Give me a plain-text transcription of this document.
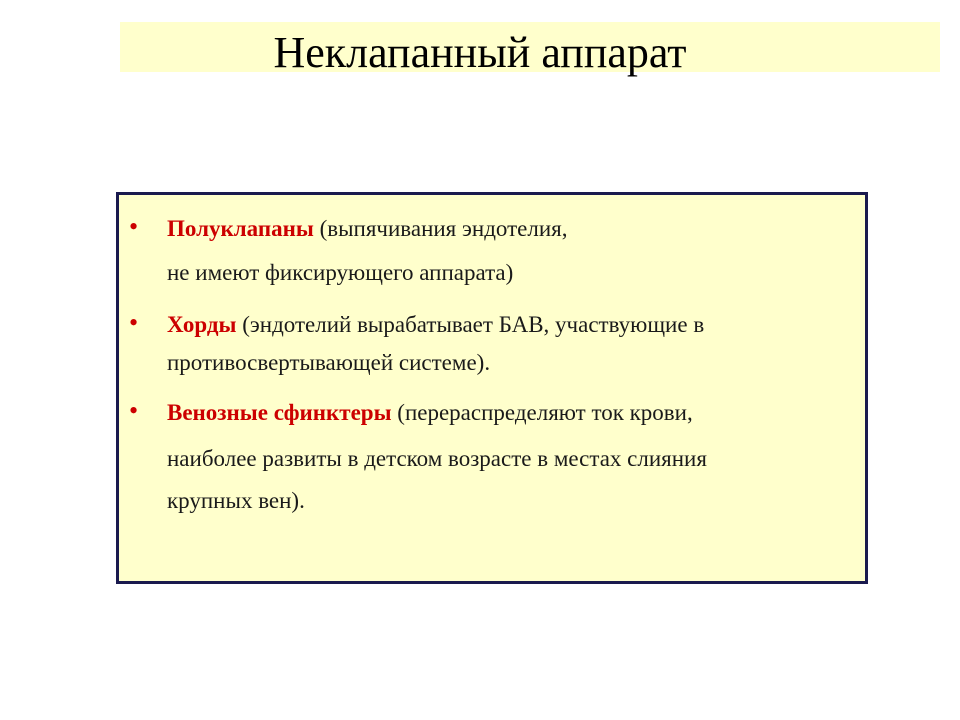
Неклапанный аппарат
• Полуклапаны (выпячивания эндотелия,
не имеют фиксирующего аппарата)
• Хорды (эндотелий вырабатывает БАВ, участвующие в
противосвертывающей системе).
• Венозные сфинктеры (перераспределяют ток крови,
наиболее развиты в детском возрасте в местах слияния
крупных вен).
